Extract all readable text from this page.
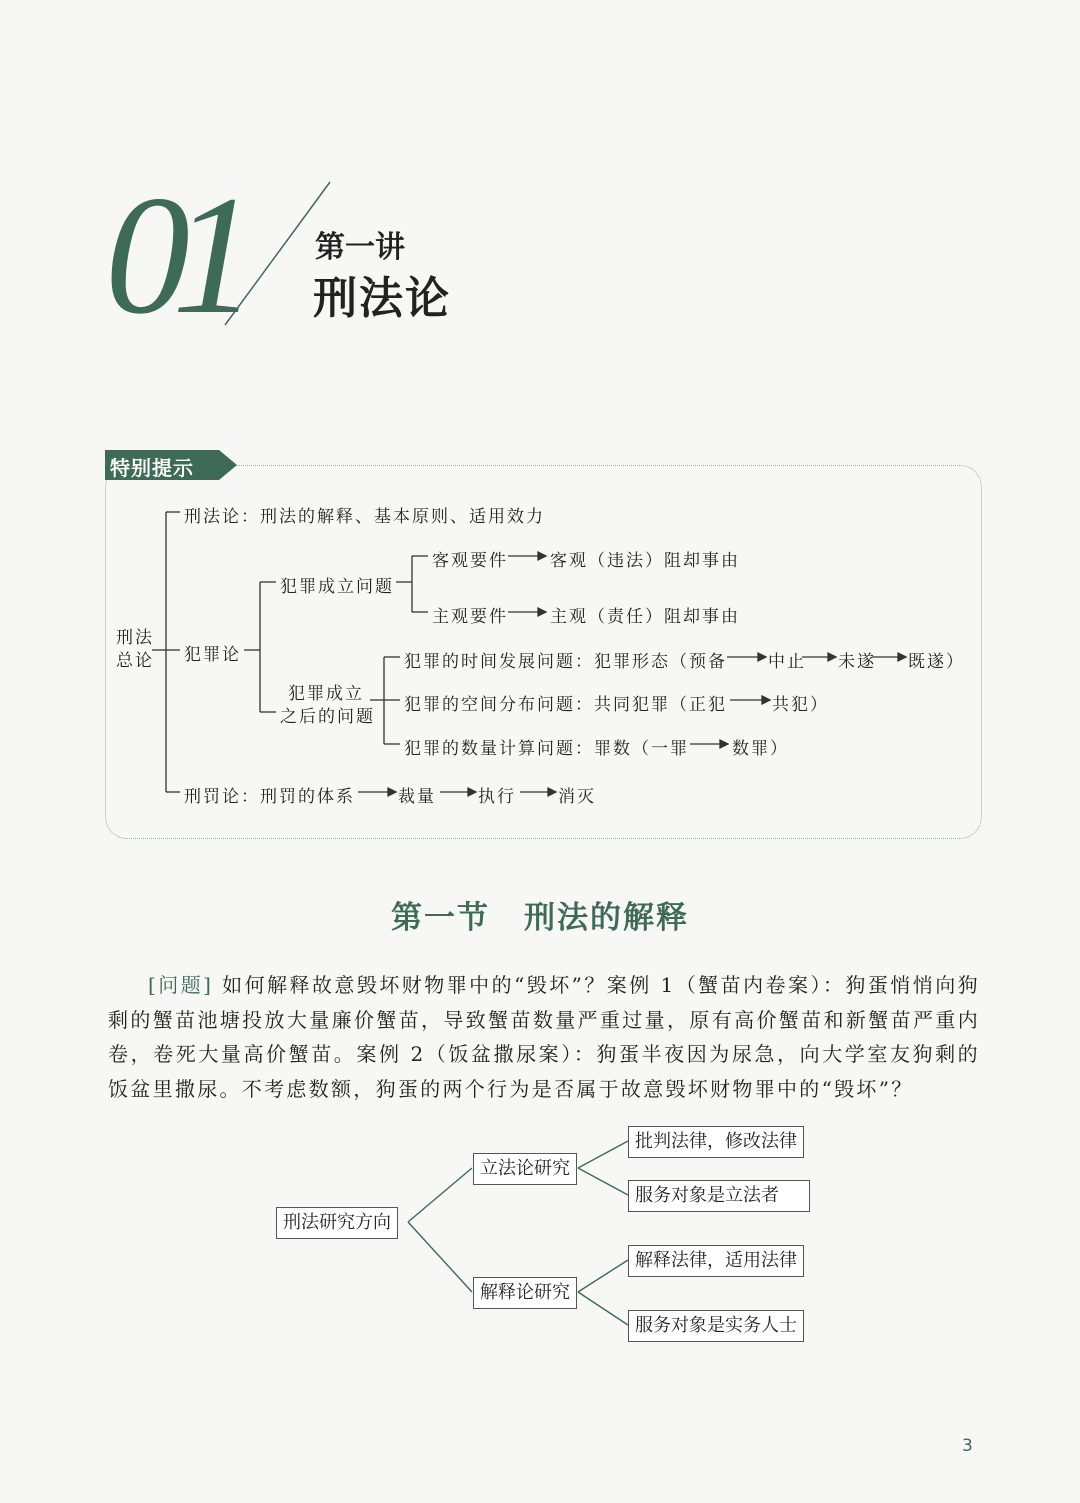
01	第一讲
刑法论
特别提示
刑法
总论
刑法论：刑法的解释、基本原则、适用效力
犯罪论
犯罪成立问题
客观要件 客观（违法）阻却事由
主观要件 主观（责任）阻却事由
犯罪成立
之后的问题
犯罪的时间发展问题：犯罪形态（预备 中止 未遂 既遂）
犯罪的空间分布问题：共同犯罪（正犯	共犯）
犯罪的数量计算问题：罪数（一罪	数罪）
刑罚论：刑罚的体系	裁量 执行 消灭
第一节 刑法的解释
[问题] 如何解释故意毁坏财物罪中的“毁坏”？案例 1（蟹苗内卷案）：狗蛋悄悄向狗剩的蟹苗池塘投放大量廉价蟹苗，导致蟹苗数量严重过量，原有高价蟹苗和新蟹苗严重内卷，卷死大量高价蟹苗。案例 2（饭盆撒尿案）：狗蛋半夜因为尿急，向大学室友狗剩的饭盆里撒尿。不考虑数额，狗蛋的两个行为是否属于故意毁坏财物罪中的“毁坏”？
刑法研究方向
立法论研究
解释论研究
批判法律，修改法律
服务对象是立法者
解释法律，适用法律
服务对象是实务人士
3
